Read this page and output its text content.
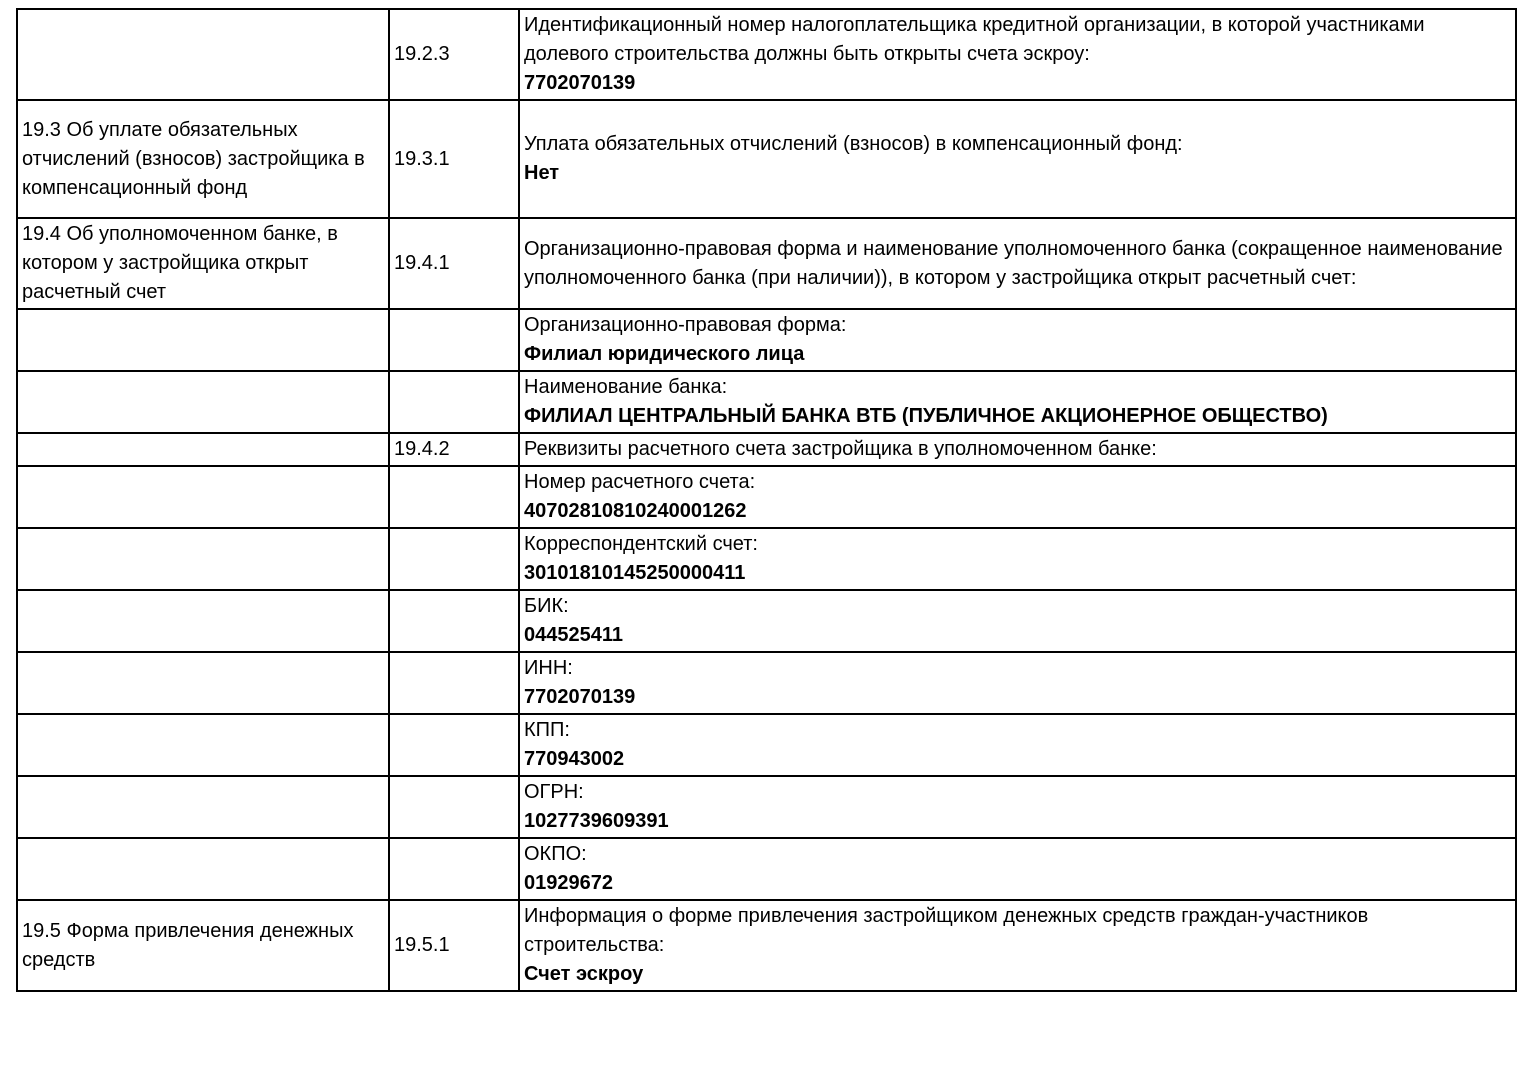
	19.2.3	Идентификационный номер налогоплательщика кредитной организации, в которой участниками долевого строительства должны быть открыты счета эскроу:
7702070139

19.3 Об уплате обязательных отчислений (взносов) застройщика в компенсационный фонд	19.3.1	Уплата обязательных отчислений (взносов) в компенсационный фонд:
Нет

19.4 Об уполномоченном банке, в котором у застройщика открыт расчетный счет	19.4.1	Организационно-правовая форма и наименование уполномоченного банка (сокращенное наименование уполномоченного банка (при наличии)), в котором у застройщика открыт расчетный счет:

		Организационно-правовая форма:
Филиал юридического лица

		Наименование банка:
ФИЛИАЛ ЦЕНТРАЛЬНЫЙ БАНКА ВТБ (ПУБЛИЧНОЕ АКЦИОНЕРНОЕ ОБЩЕСТВО)

	19.4.2	Реквизиты расчетного счета застройщика в уполномоченном банке:

		Номер расчетного счета:
40702810810240001262

		Корреспондентский счет:
30101810145250000411

		БИК:
044525411

		ИНН:
7702070139

		КПП:
770943002

		ОГРН:
1027739609391

		ОКПО:
01929672

19.5 Форма привлечения денежных средств	19.5.1	Информация о форме привлечения застройщиком денежных средств граждан-участников строительства:
Счет эскроу
